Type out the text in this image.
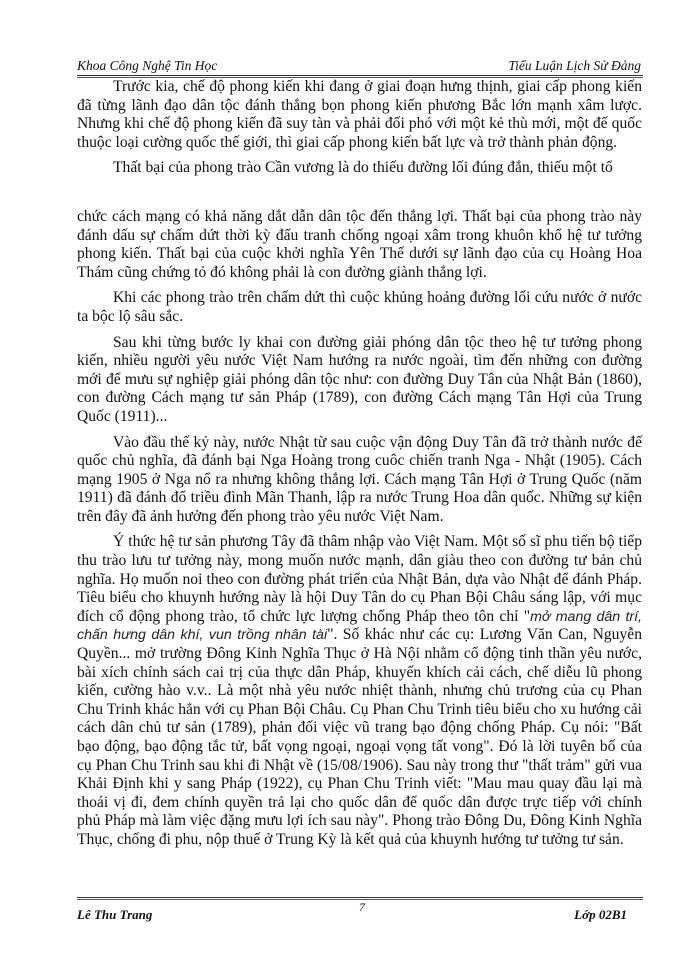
Khoa Công Nghệ Tin Học	Tiểu Luận Lịch Sử Đảng

Trước kia, chế độ phong kiến khi đang ở giai đoạn hưng thịnh, giai cấp phong kiến đã từng lãnh đạo dân tộc đánh thắng bọn phong kiến phương Bắc lớn mạnh xâm lược. Nhưng khi chế độ phong kiến đã suy tàn và phải đối phó với một kẻ thù mới, một đế quốc thuộc loại cường quốc thế giới, thì giai cấp phong kiến bất lực và trở thành phản động.

Thất bại của phong trào Cần vương là do thiếu đường lối đúng đắn, thiếu một tổ

chức cách mạng có khả năng dắt dẫn dân tộc đến thắng lợi. Thất bại của phong trào này đánh dấu sự chấm dứt thời kỳ đấu tranh chống ngoại xâm trong khuôn khổ hệ tư tưởng phong kiến. Thất bại của cuộc khởi nghĩa Yên Thế dưới sự lãnh đạo của cụ Hoàng Hoa Thám cũng chứng tỏ đó không phải là con đường giành thắng lợi.

Khi các phong trào trên chấm dứt thì cuộc khủng hoảng đường lối cứu nước ở nước ta bộc lộ sâu sắc.

Sau khi từng bước ly khai con đường giải phóng dân tộc theo hệ tư tưởng phong kiến, nhiều người yêu nước Việt Nam hướng ra nước ngoài, tìm đến những con đường mới để mưu sự nghiệp giải phóng dân tộc như: con đường Duy Tân của Nhật Bản (1860), con đường Cách mạng tư sản Pháp (1789), con đường Cách mạng Tân Hợi của Trung Quốc (1911)...

Vào đầu thế kỷ này, nước Nhật từ sau cuộc vận động Duy Tân đã trở thành nước đế quốc chủ nghĩa, đã đánh bại Nga Hoàng trong cuôc chiến tranh Nga - Nhật (1905). Cách mạng 1905 ở Nga nổ ra nhưng không thắng lợi. Cách mạng Tân Hợi ở Trung Quốc (năm 1911) đã đánh đổ triều đình Mãn Thanh, lập ra nước Trung Hoa dân quốc. Những sự kiện trên đây đã ảnh hưởng đến phong trào yêu nước Việt Nam.

Ý thức hệ tư sản phương Tây đã thâm nhập vào Việt Nam. Một số sĩ phu tiến bộ tiếp thu trào lưu tư tưởng này, mong muốn nước mạnh, dân giàu theo con đường tư bản chủ nghĩa. Họ muốn noi theo con đường phát triển của Nhật Bản, dựa vào Nhật để đánh Pháp. Tiêu biểu cho khuynh hướng này là hội Duy Tân do cụ Phan Bội Châu sáng lập, với mục đích cổ động phong trào, tổ chức lực lượng chống Pháp theo tôn chỉ "mở mang dân trí, chấn hưng dân khí, vun trồng nhân tài". Số khác như các cụ: Lương Văn Can, Nguyễn Quyền... mở trường Đông Kinh Nghĩa Thục ở Hà Nội nhằm cổ động tinh thần yêu nước, bài xích chính sách cai trị của thực dân Pháp, khuyến khích cải cách, chế diễu lũ phong kiến, cường hào v.v.. Là một nhà yêu nước nhiệt thành, nhưng chủ trương của cụ Phan Chu Trinh khác hẳn với cụ Phan Bội Châu. Cụ Phan Chu Trinh tiêu biểu cho xu hướng cải cách dân chủ tư sản (1789), phản đối việc vũ trang bạo động chống Pháp. Cụ nói: "Bất bạo động, bạo động tắc tử, bất vọng ngoại, ngoại vọng tất vong". Đó là lời tuyên bố của cụ Phan Chu Trinh sau khi đi Nhật về (15/08/1906). Sau này trong thư "thất trảm" gửi vua Khải Định khi y sang Pháp (1922), cụ Phan Chu Trinh viết: "Mau mau quay đầu lại mà thoái vị đi, đem chính quyền trả lại cho quốc dân để quốc dân được trực tiếp với chính phủ Pháp mà làm việc đặng mưu lợi ích sau này". Phong trào Đông Du, Đông Kinh Nghĩa Thục, chống đi phu, nộp thuế ở Trung Kỳ là kết quả của khuynh hướng tư tưởng tư sản.

Lê Thu Trang	7	Lớp 02B1
